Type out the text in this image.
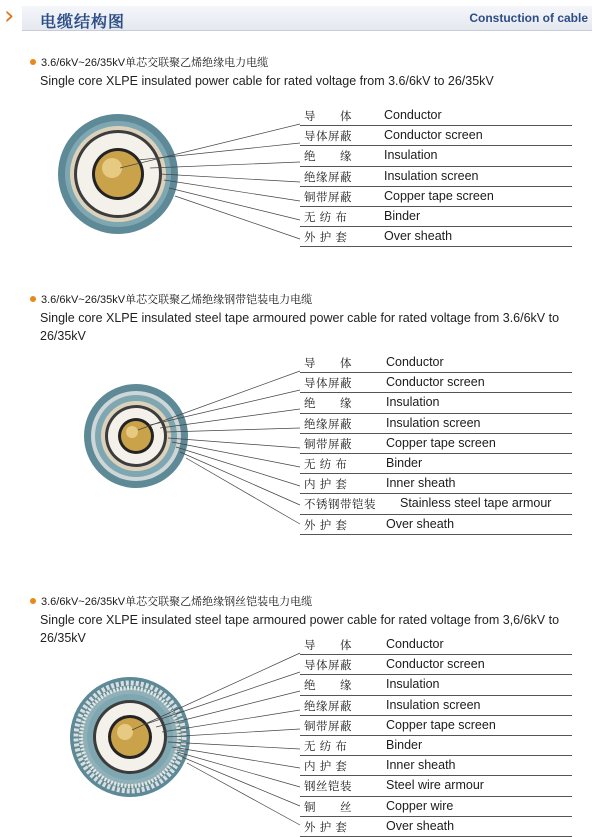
› 电缆结构图	Constuction of cable
3.6/6kV~26/35kV单芯交联聚乙烯绝缘电力电缆
Single core XLPE insulated power cable for rated voltage from 3.6/6kV to 26/35kV
导　　体	Conductor
导体屏蔽	Conductor screen
绝　　缘	Insulation
绝缘屏蔽	Insulation screen
铜带屏蔽	Copper tape screen
无 纺 布	Binder
外 护 套	Over sheath
3.6/6kV~26/35kV单芯交联聚乙烯绝缘钢带铠装电力电缆
Single core XLPE insulated steel tape armoured power cable for rated voltage from 3.6/6kV to 26/35kV
导　　体	Conductor
导体屏蔽	Conductor screen
绝　　缘	Insulation
绝缘屏蔽	Insulation screen
铜带屏蔽	Copper tape screen
无 纺 布	Binder
内 护 套	Inner sheath
不锈钢带铠装 Stainless steel tape armour
外 护 套	Over sheath
3.6/6kV~26/35kV单芯交联聚乙烯绝缘钢丝铠装电力电缆
Single core XLPE insulated steel tape armoured power cable for rated voltage from 3,6/6kV to 26/35kV
导　　体	Conductor
导体屏蔽	Conductor screen
绝　　缘	Insulation
绝缘屏蔽	Insulation screen
铜带屏蔽	Copper tape screen
无 纺 布	Binder
内 护 套	Inner sheath
钢丝铠装	Steel wire armour
铜　　丝	Copper wire
外 护 套	Over sheath
